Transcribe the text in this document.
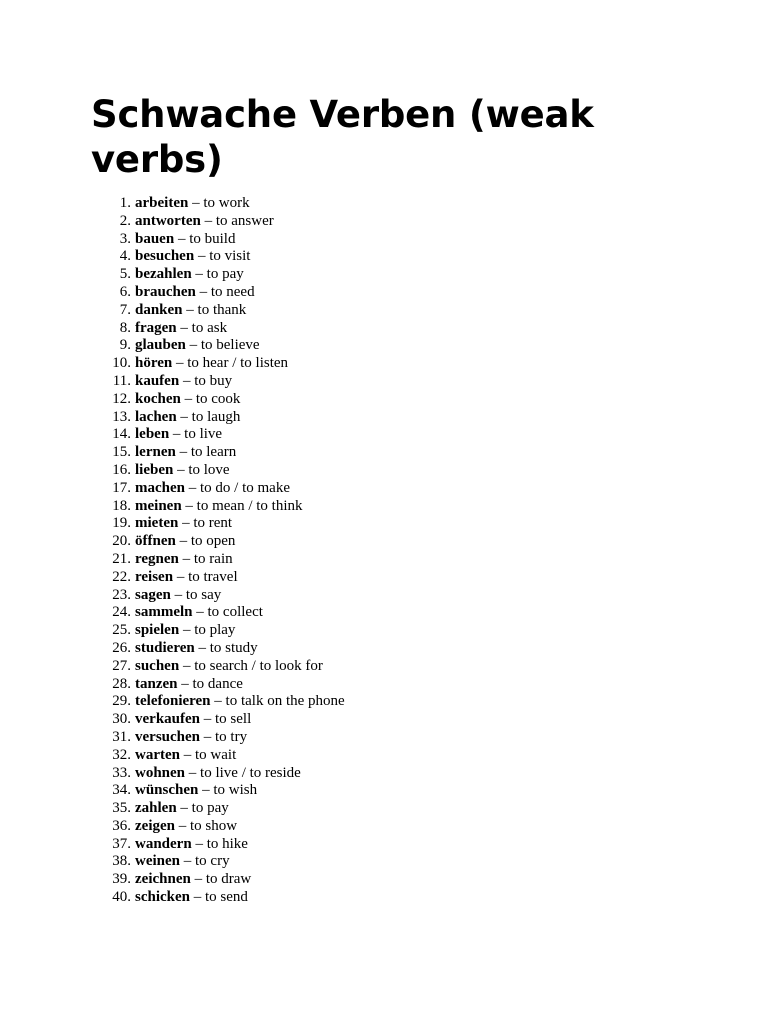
Schwache Verben (weak verbs)
1. arbeiten – to work
2. antworten – to answer
3. bauen – to build
4. besuchen – to visit
5. bezahlen – to pay
6. brauchen – to need
7. danken – to thank
8. fragen – to ask
9. glauben – to believe
10. hören – to hear / to listen
11. kaufen – to buy
12. kochen – to cook
13. lachen – to laugh
14. leben – to live
15. lernen – to learn
16. lieben – to love
17. machen – to do / to make
18. meinen – to mean / to think
19. mieten – to rent
20. öffnen – to open
21. regnen – to rain
22. reisen – to travel
23. sagen – to say
24. sammeln – to collect
25. spielen – to play
26. studieren – to study
27. suchen – to search / to look for
28. tanzen – to dance
29. telefonieren – to talk on the phone
30. verkaufen – to sell
31. versuchen – to try
32. warten – to wait
33. wohnen – to live / to reside
34. wünschen – to wish
35. zahlen – to pay
36. zeigen – to show
37. wandern – to hike
38. weinen – to cry
39. zeichnen – to draw
40. schicken – to send
